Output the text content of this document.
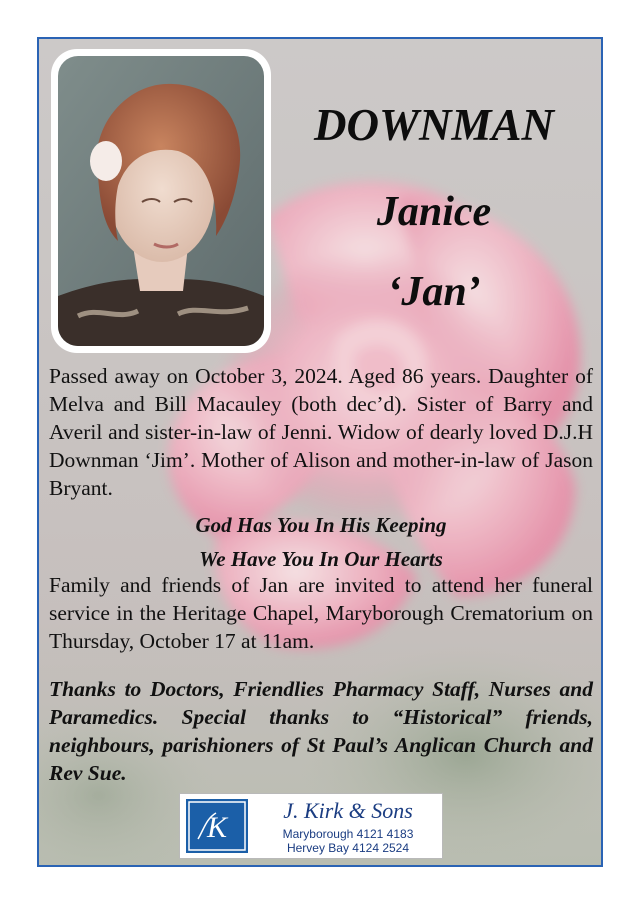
DOWNMAN
Janice
‘Jan’

Passed away on October 3, 2024. Aged 86 years. Daughter of Melva and Bill Macauley (both dec’d). Sister of Barry and Averil and sister-in-law of Jenni. Widow of dearly loved D.J.H Downman ‘Jim’. Mother of Alison and mother-in-law of Jason Bryant.

God Has You In His Keeping

We Have You In Our Hearts

Family and friends of Jan are invited to attend her funeral service in the Heritage Chapel, Maryborough Crematorium on Thursday, October 17 at 11am.

Thanks to Doctors, Friendlies Pharmacy Staff, Nurses and Paramedics. Special thanks to “Historical” friends, neighbours, parishioners of St Paul’s Anglican Church and Rev Sue.

K
J. Kirk & Sons
Maryborough 4121 4183
Hervey Bay 4124 2524
